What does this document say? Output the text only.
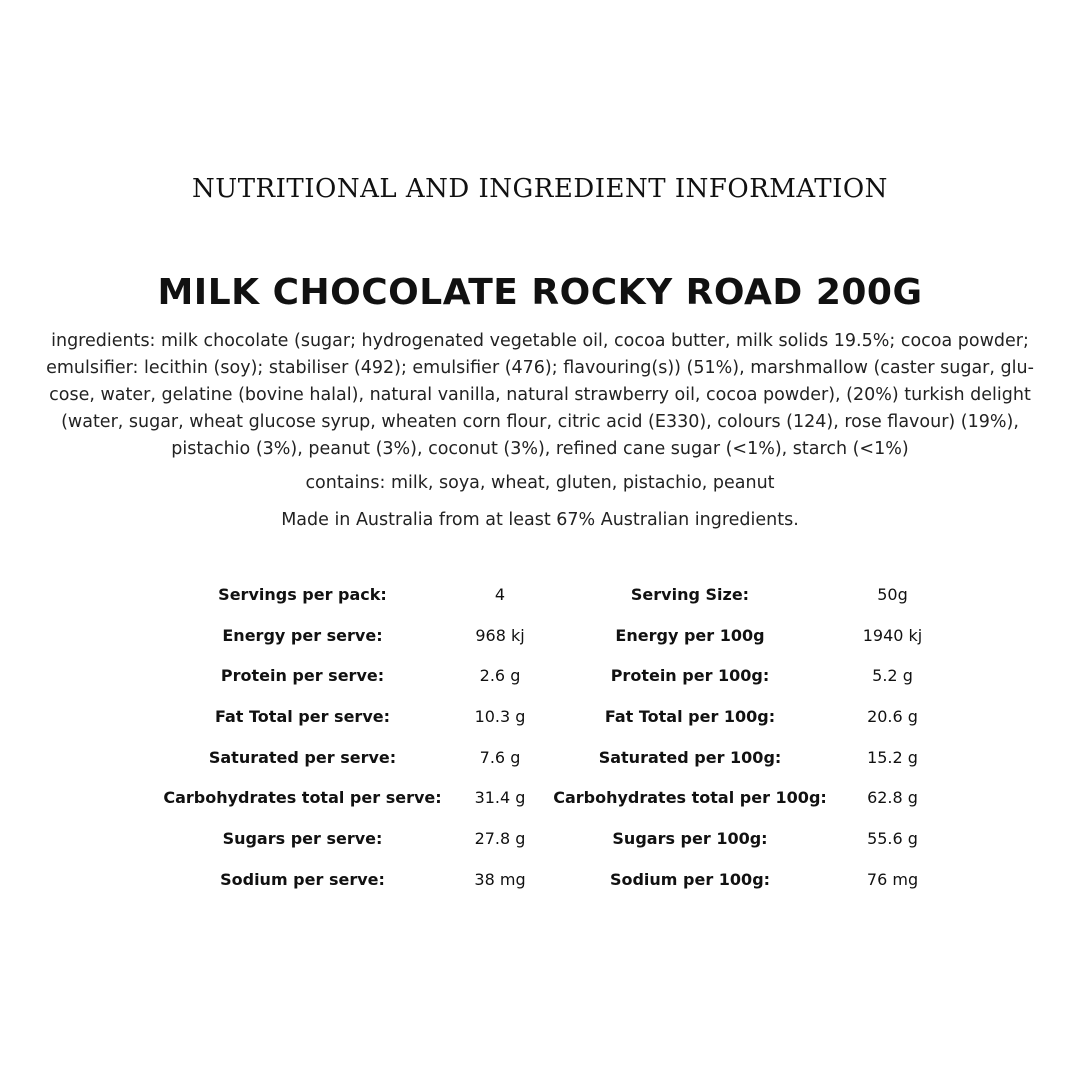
NUTRITIONAL AND INGREDIENT INFORMATION
MILK CHOCOLATE ROCKY ROAD 200G
ingredients: milk chocolate (sugar; hydrogenated vegetable oil, cocoa butter, milk solids 19.5%; cocoa powder;
emulsifier: lecithin (soy); stabiliser (492); emulsifier (476); flavouring(s)) (51%), marshmallow (caster sugar, glu-
cose, water, gelatine (bovine halal), natural vanilla, natural strawberry oil, cocoa powder), (20%) turkish delight
(water, sugar, wheat glucose syrup, wheaten corn flour, citric acid (E330), colours (124), rose flavour) (19%),
pistachio (3%), peanut (3%), coconut (3%), refined cane sugar (<1%), starch (<1%)
contains: milk, soya, wheat, gluten, pistachio, peanut
Made in Australia from at least 67% Australian ingredients.
Servings per pack:	4	Serving Size:	50g
Energy per serve:	968 kj	Energy per 100g	1940 kj
Protein per serve:	2.6 g	Protein per 100g:	5.2 g
Fat Total per serve:	10.3 g	Fat Total per 100g:	20.6 g
Saturated per serve:	7.6 g	Saturated per 100g:	15.2 g
Carbohydrates total per serve:	31.4 g	Carbohydrates total per 100g:	62.8 g
Sugars per serve:	27.8 g	Sugars per 100g:	55.6 g
Sodium per serve:	38 mg	Sodium per 100g:	76 mg
